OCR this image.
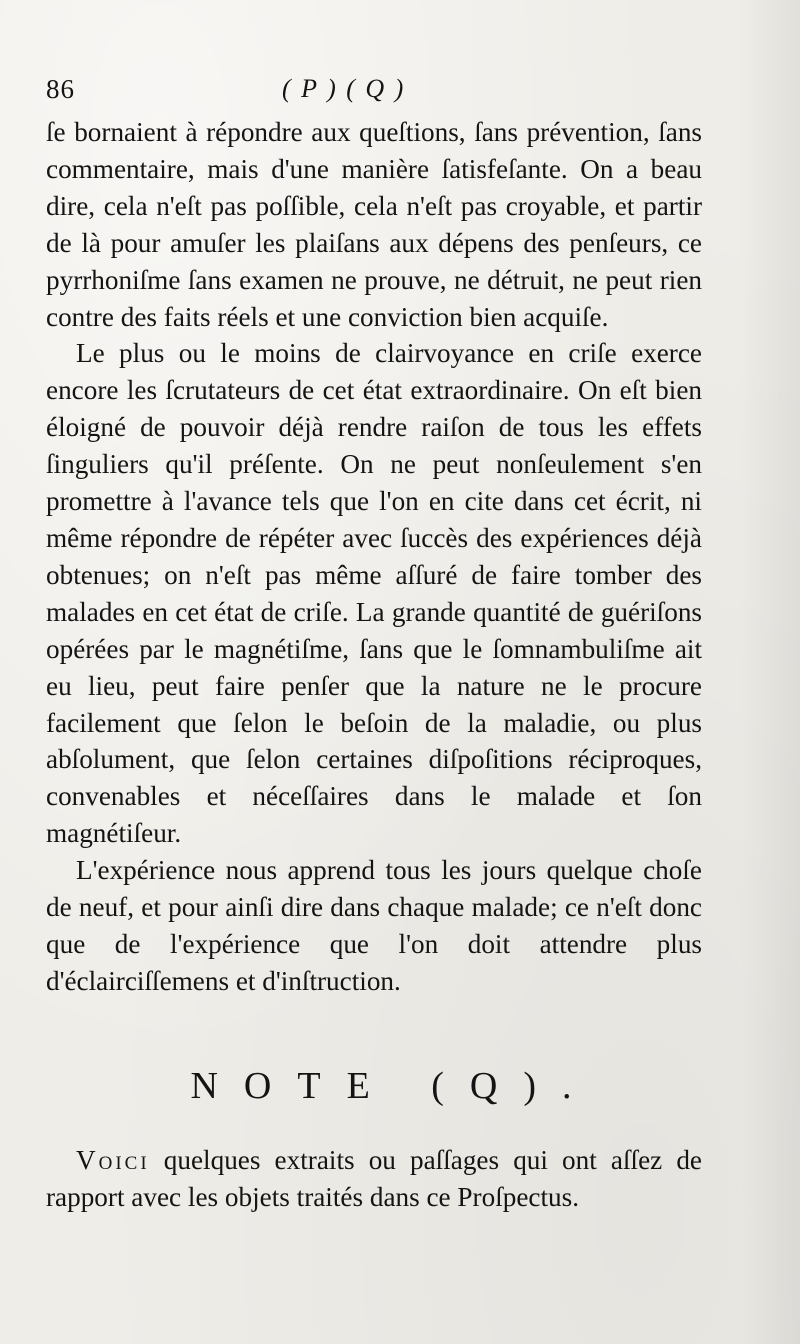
86	( P ) ( Q )

ſe bornaient à répondre aux queſtions, ſans prévention, ſans commentaire, mais d'une manière ſatisfeſante. On a beau dire, cela n'eſt pas poſſible, cela n'eſt pas croyable, et partir de là pour amuſer les plaiſans aux dépens des penſeurs, ce pyrrhoniſme ſans examen ne prouve, ne détruit, ne peut rien contre des faits réels et une conviction bien acquiſe.

Le plus ou le moins de clairvoyance en criſe exerce encore les ſcrutateurs de cet état extraordinaire. On eſt bien éloigné de pouvoir déjà rendre raiſon de tous les effets ſinguliers qu'il préſente. On ne peut nonſeulement s'en promettre à l'avance tels que l'on en cite dans cet écrit, ni même répondre de répéter avec ſuccès des expériences déjà obtenues; on n'eſt pas même aſſuré de faire tomber des malades en cet état de criſe. La grande quantité de guériſons opérées par le magnétiſme, ſans que le ſomnambuliſme ait eu lieu, peut faire penſer que la nature ne le procure facilement que ſelon le beſoin de la maladie, ou plus abſolument, que ſelon certaines diſpoſitions réciproques, convenables et néceſſaires dans le malade et ſon magnétiſeur.

L'expérience nous apprend tous les jours quelque choſe de neuf, et pour ainſi dire dans chaque malade; ce n'eſt donc que de l'expérience que l'on doit attendre plus d'éclairciſſemens et d'inſtruction.

NOTE (Q).

Voici quelques extraits ou paſſages qui ont aſſez de rapport avec les objets traités dans ce Proſpectus.
